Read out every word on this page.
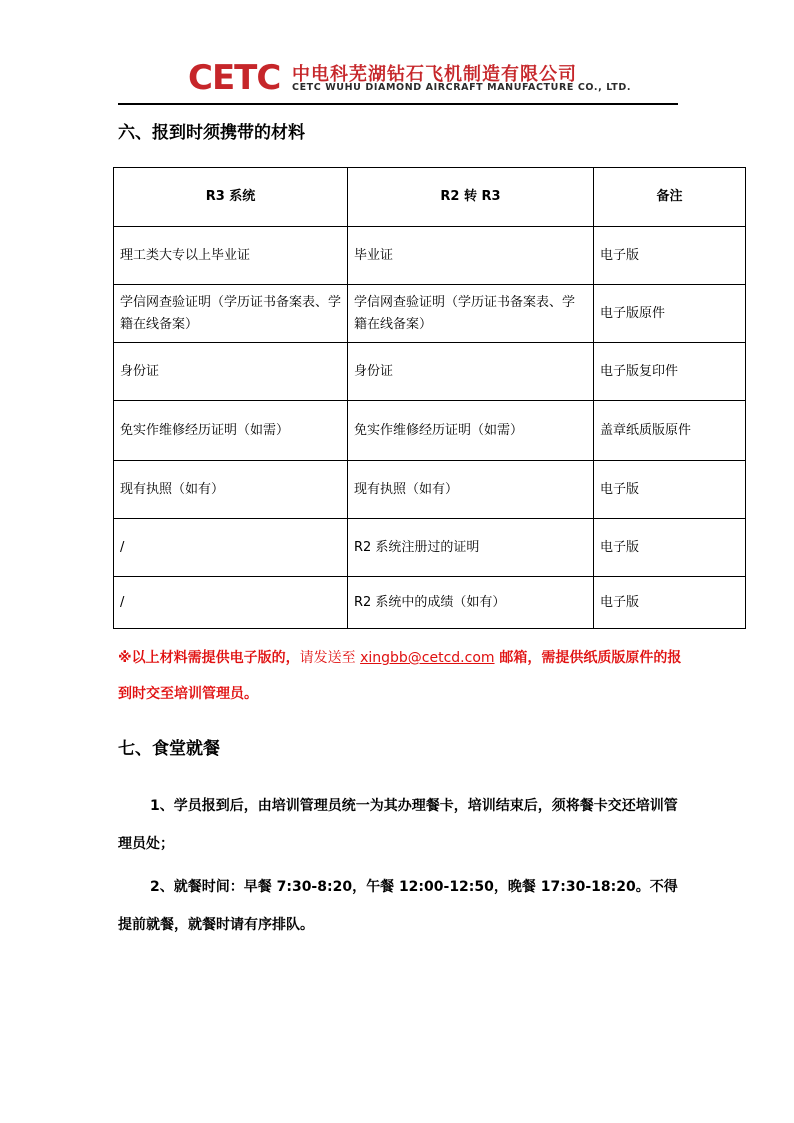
CETC 中电科芜湖钻石飞机制造有限公司
CETC WUHU DIAMOND AIRCRAFT MANUFACTURE CO., LTD.
六、报到时须携带的材料
R3 系统	R2 转 R3	备注
理工类大专以上毕业证	毕业证	电子版
学信网查验证明（学历证书备案表、学籍在线备案）	学信网查验证明（学历证书备案表、学籍在线备案）	电子版原件
身份证	身份证	电子版复印件
免实作维修经历证明（如需）	免实作维修经历证明（如需）	盖章纸质版原件
现有执照（如有）	现有执照（如有）	电子版
/	R2 系统注册过的证明	电子版
/	R2 系统中的成绩（如有）	电子版
※以上材料需提供电子版的，请发送至 xingbb@cetcd.com 邮箱，需提供纸质版原件的报到时交至培训管理员。
七、食堂就餐
1、学员报到后，由培训管理员统一为其办理餐卡，培训结束后，须将餐卡交还培训管理员处；
2、就餐时间：早餐 7:30-8:20，午餐 12:00-12:50，晚餐 17:30-18:20。不得提前就餐，就餐时请有序排队。
